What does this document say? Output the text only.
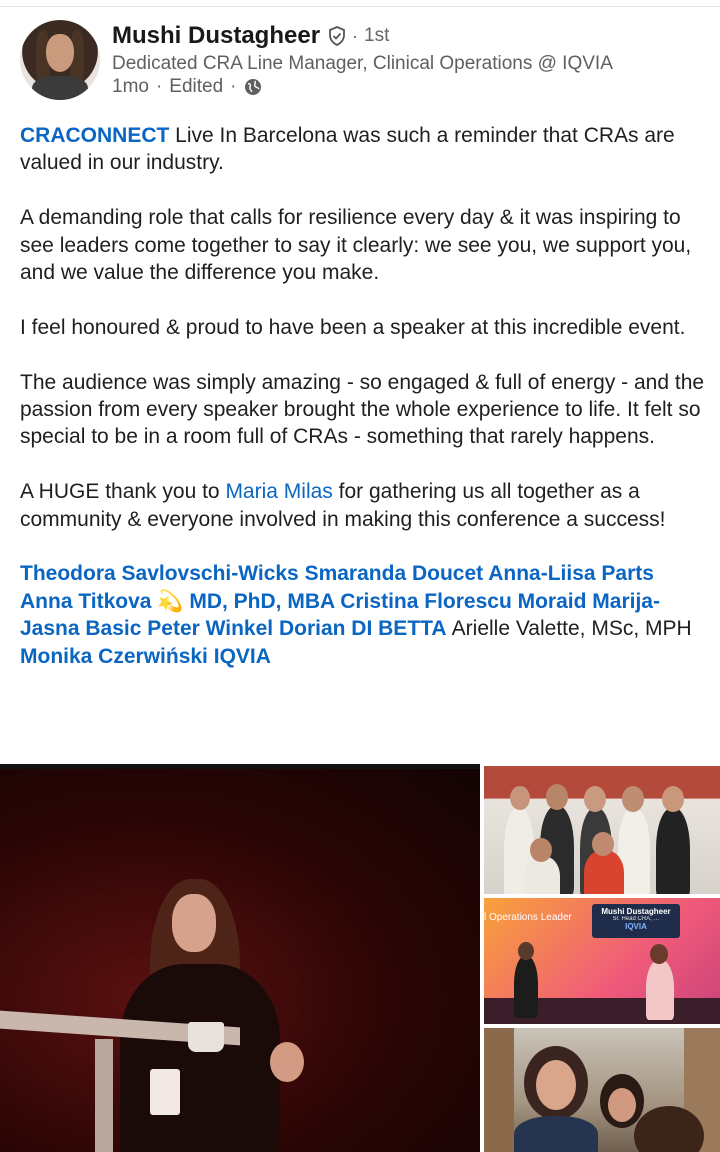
Mushi Dustagheer · 1st
Dedicated CRA Line Manager, Clinical Operations @ IQVIA
1mo · Edited ·

CRACONNECT Live In Barcelona was such a reminder that CRAs are valued in our industry.

A demanding role that calls for resilience every day & it was inspiring to see leaders come together to say it clearly: we see you, we support you, and we value the difference you make.

I feel honoured & proud to have been a speaker at this incredible event.

The audience was simply amazing - so engaged & full of energy - and the passion from every speaker brought the whole experience to life. It felt so special to be in a room full of CRAs - something that rarely happens.

A HUGE thank you to Maria Milas for gathering us all together as a community & everyone involved in making this conference a success!

Theodora Savlovschi-Wicks Smaranda Doucet Anna-Liisa Parts Anna Titkova 💫 MD, PhD, MBA Cristina Florescu Moraid Marija-Jasna Basic Peter Winkel Dorian DI BETTA Arielle Valette, MSc, MPH Monika Czerwiński IQVIA

l Operations Leader
Mushi Dustagheer
Sr. Head CRA, …
IQVIA
